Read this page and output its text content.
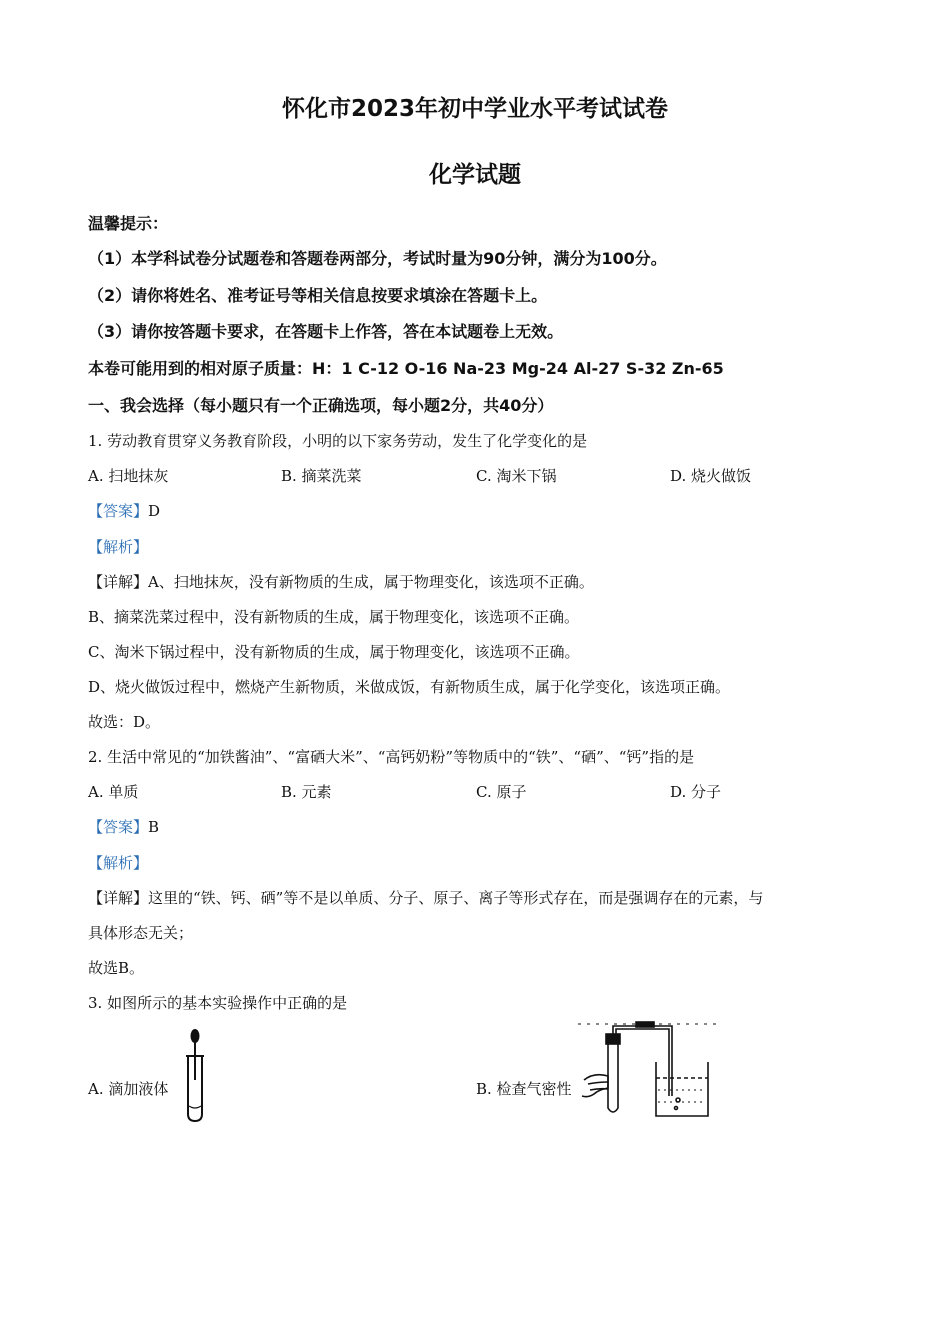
怀化市2023年初中学业水平考试试卷
化学试题
温馨提示：
（1）本学科试卷分试题卷和答题卷两部分，考试时量为90分钟，满分为100分。
（2）请你将姓名、准考证号等相关信息按要求填涂在答题卡上。
（3）请你按答题卡要求，在答题卡上作答，答在本试题卷上无效。
本卷可能用到的相对原子质量：H：1 C-12 O-16 Na-23 Mg-24 Al-27 S-32 Zn-65
一、我会选择（每小题只有一个正确选项，每小题2分，共40分）
1. 劳动教育贯穿义务教育阶段，小明的以下家务劳动，发生了化学变化的是
A. 扫地抹灰	B. 摘菜洗菜	C. 淘米下锅	D. 烧火做饭
【答案】D
【解析】
【详解】A、扫地抹灰，没有新物质的生成，属于物理变化，该选项不正确。
B、摘菜洗菜过程中，没有新物质的生成，属于物理变化，该选项不正确。
C、淘米下锅过程中，没有新物质的生成，属于物理变化，该选项不正确。
D、烧火做饭过程中，燃烧产生新物质，米做成饭，有新物质生成，属于化学变化，该选项正确。
故选：D。
2. 生活中常见的“加铁酱油”、“富硒大米”、“高钙奶粉”等物质中的“铁”、“硒”、“钙”指的是
A. 单质	B. 元素	C. 原子	D. 分子
【答案】B
【解析】
【详解】这里的“铁、钙、硒”等不是以单质、分子、原子、离子等形式存在，而是强调存在的元素，与
具体形态无关；
故选B。
3. 如图所示的基本实验操作中正确的是
A. 滴加液体	B. 检查气密性
